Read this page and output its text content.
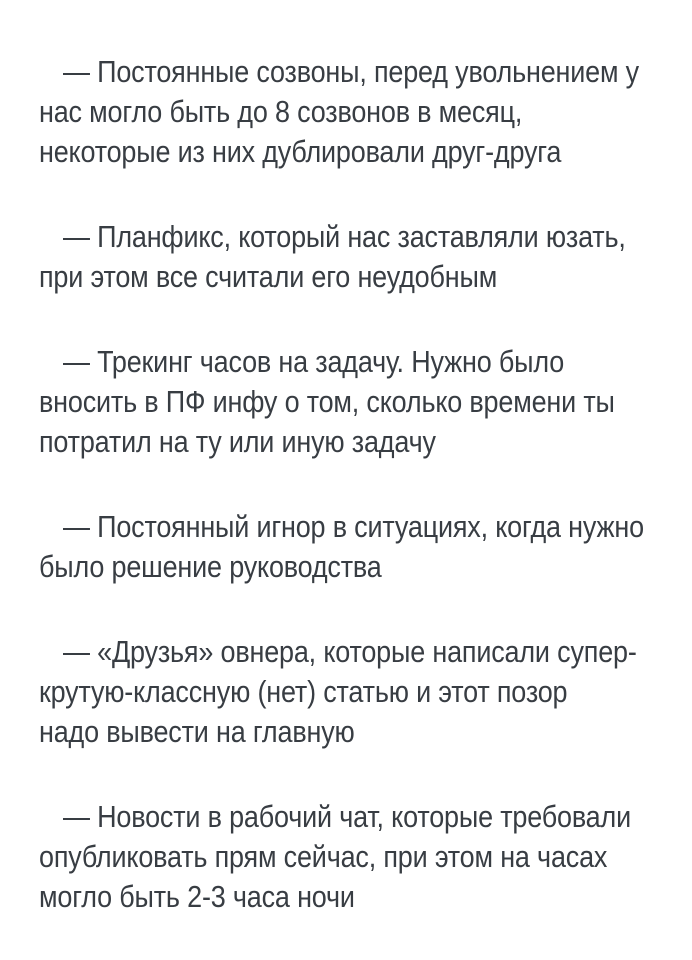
— Постоянные созвоны, перед увольнением у
нас могло быть до 8 созвонов в месяц,
некоторые из них дублировали друг-друга
— Планфикс, который нас заставляли юзать,
при этом все считали его неудобным
— Трекинг часов на задачу. Нужно было
вносить в ПФ инфу о том, сколько времени ты
потратил на ту или иную задачу
— Постоянный игнор в ситуациях, когда нужно
было решение руководства
— «Друзья» овнера, которые написали супер-
крутую-классную (нет) статью и этот позор
надо вывести на главную
— Новости в рабочий чат, которые требовали
опубликовать прям сейчас, при этом на часах
могло быть 2-3 часа ночи
